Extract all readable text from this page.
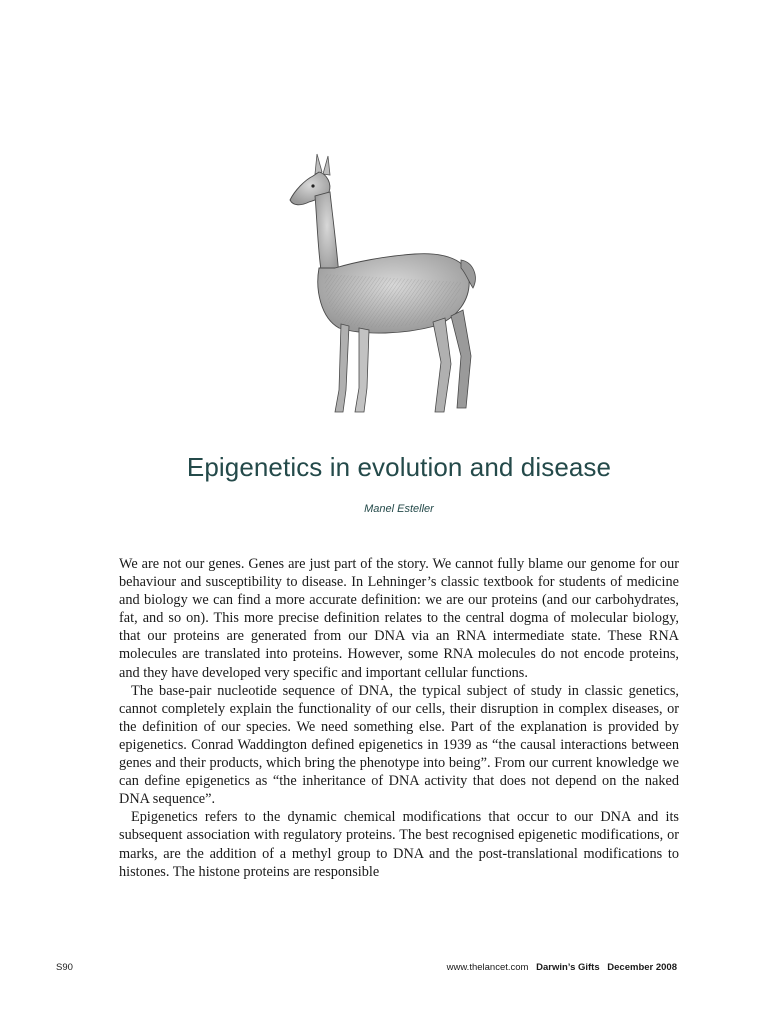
Epigenetics in evolution and disease
Manel Esteller

We are not our genes. Genes are just part of the story. We cannot fully blame our genome for our behaviour and susceptibility to disease. In Lehninger’s classic textbook for students of medicine and biology we can find a more accurate definition: we are our proteins (and our carbohydrates, fat, and so on). This more precise definition relates to the central dogma of molecular biology, that our proteins are generated from our DNA via an RNA intermediate state. These RNA molecules are translated into proteins. However, some RNA molecules do not encode proteins, and they have developed very specific and important cellular functions.

The base-pair nucleotide sequence of DNA, the typical subject of study in classic genetics, cannot completely explain the functionality of our cells, their disruption in complex diseases, or the definition of our species. We need something else. Part of the explanation is provided by epigenetics. Conrad Waddington defined epigenetics in 1939 as “the causal interactions between genes and their products, which bring the phenotype into being”. From our current knowledge we can define epigenetics as “the inheritance of DNA activity that does not depend on the naked DNA sequence”.

Epigenetics refers to the dynamic chemical modifications that occur to our DNA and its subsequent association with regulatory proteins. The best recognised epigenetic modifications, or marks, are the addition of a methyl group to DNA and the post-translational modifications to histones. The histone proteins are responsible

S90	www.thelancet.com Darwin’s Gifts December 2008
